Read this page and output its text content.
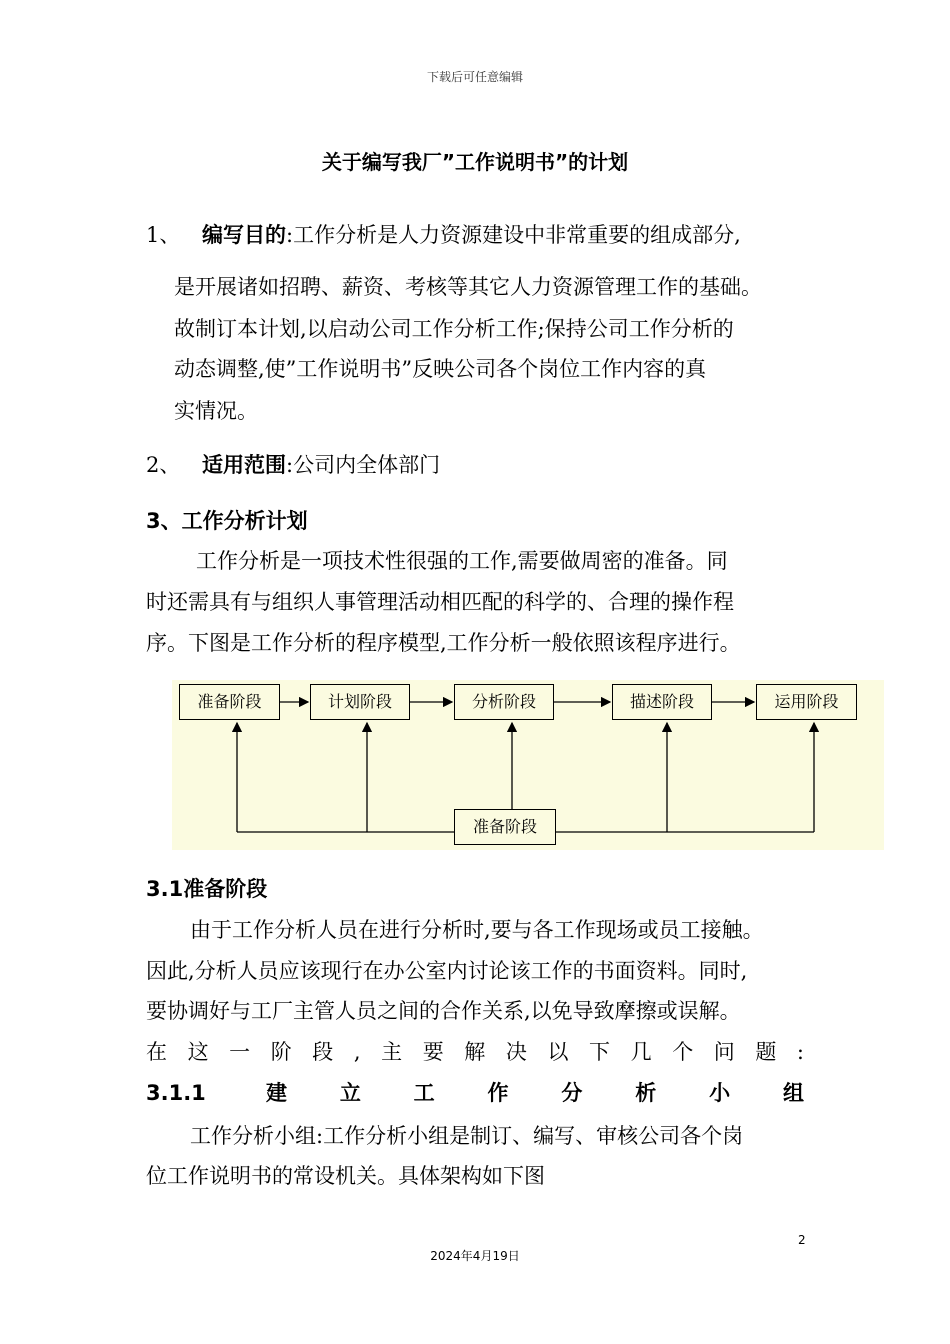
下载后可任意编辑
关于编写我厂”工作说明书”的计划
1、 编写目的:工作分析是人力资源建设中非常重要的组成部分,
是开展诸如招聘、薪资、考核等其它人力资源管理工作的基础。
故制订本计划,以启动公司工作分析工作;保持公司工作分析的
动态调整,使”工作说明书”反映公司各个岗位工作内容的真
实情况。
2、 适用范围:公司内全体部门
3、工作分析计划
工作分析是一项技术性很强的工作,需要做周密的准备。同
时还需具有与组织人事管理活动相匹配的科学的、合理的操作程
序。下图是工作分析的程序模型,工作分析一般依照该程序进行。
准备阶段	计划阶段	分析阶段	描述阶段	运用阶段
准备阶段
3.1准备阶段
由于工作分析人员在进行分析时,要与各工作现场或员工接触。
因此,分析人员应该现行在办公室内讨论该工作的书面资料。同时,
要协调好与工厂主管人员之间的合作关系,以免导致摩擦或误解。
在这一阶段,主要解决以下几个问题:
3.1.1 建立工作分析小组
工作分析小组:工作分析小组是制订、编写、审核公司各个岗
位工作说明书的常设机关。具体架构如下图
2
2024年4月19日
